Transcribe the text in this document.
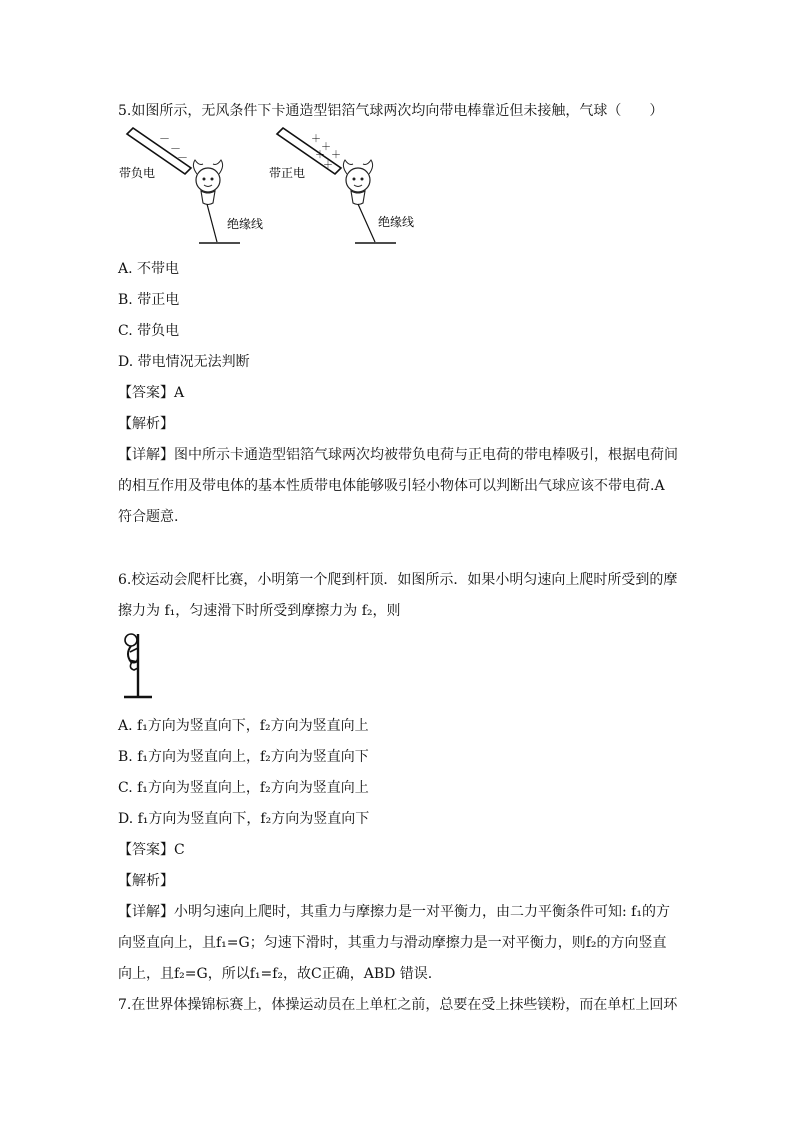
5.如图所示，无风条件下卡通造型铝箔气球两次均向带电棒靠近但未接触，气球（　　）
－
－
－
带负电
绝缘线
＋
＋
＋
＋
＋
带正电
绝缘线
A. 不带电
B. 带正电
C. 带负电
D. 带电情况无法判断
【答案】A
【解析】
【详解】图中所示卡通造型铝箔气球两次均被带负电荷与正电荷的带电棒吸引，根据电荷间
的相互作用及带电体的基本性质带电体能够吸引轻小物体可以判断出气球应该不带电荷.A
符合题意.
6.校运动会爬杆比赛，小明第一个爬到杆顶．如图所示．如果小明匀速向上爬时所受到的摩
擦力为 f₁，匀速滑下时所受到摩擦力为 f₂，则
A. f₁方向为竖直向下，f₂方向为竖直向上
B. f₁方向为竖直向上，f₂方向为竖直向下
C. f₁方向为竖直向上，f₂方向为竖直向上
D. f₁方向为竖直向下，f₂方向为竖直向下
【答案】C
【解析】
【详解】小明匀速向上爬时，其重力与摩擦力是一对平衡力，由二力平衡条件可知: f₁的方
向竖直向上，且f₁=G；匀速下滑时，其重力与滑动摩擦力是一对平衡力，则f₂的方向竖直
向上，且f₂=G，所以f₁=f₂，故C正确，ABD 错误.
7.在世界体操锦标赛上，体操运动员在上单杠之前，总要在受上抹些镁粉，而在单杠上回环
